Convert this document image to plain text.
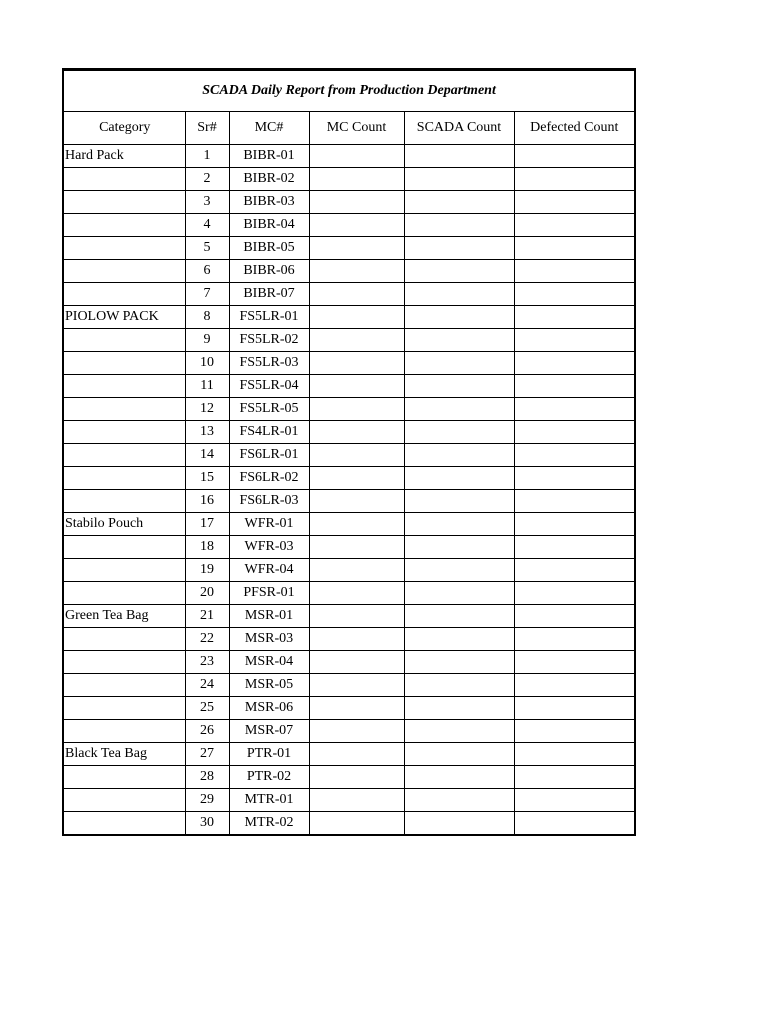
SCADA Daily Report from Production Department					
Category	Sr#	MC#	MC Count	SCADA Count	Defected Count
Hard Pack	1	BIBR-01			
	2	BIBR-02			
	3	BIBR-03			
	4	BIBR-04			
	5	BIBR-05			
	6	BIBR-06			
	7	BIBR-07			
PIOLOW PACK	8	FS5LR-01			
	9	FS5LR-02			
	10	FS5LR-03			
	11	FS5LR-04			
	12	FS5LR-05			
	13	FS4LR-01			
	14	FS6LR-01			
	15	FS6LR-02			
	16	FS6LR-03			
Stabilo Pouch	17	WFR-01			
	18	WFR-03			
	19	WFR-04			
	20	PFSR-01			
Green Tea Bag	21	MSR-01			
	22	MSR-03			
	23	MSR-04			
	24	MSR-05			
	25	MSR-06			
	26	MSR-07			
Black Tea Bag	27	PTR-01			
	28	PTR-02			
	29	MTR-01			
	30	MTR-02			
